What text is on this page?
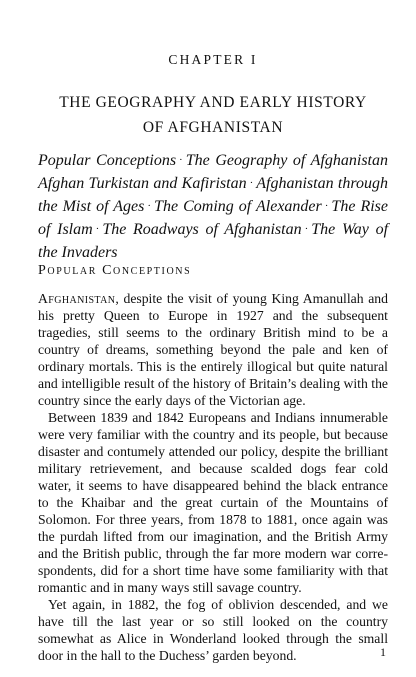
CHAPTER I
THE GEOGRAPHY AND EARLY HISTORY
OF AFGHANISTAN
Popular Conceptions · The Geography of Afghanistan Afghan Turkistan and Kafiristan · Afghanistan through the Mist of Ages · The Coming of Alexander · The Rise of Islam · The Roadways of Afghanistan · The Way of the Invaders
Popular Conceptions

Afghanistan, despite the visit of young King Amanullah and his pretty Queen to Europe in 1927 and the subsequent tragedies, still seems to the ordinary British mind to be a country of dreams, something beyond the pale and ken of ordinary mortals. This is the entirely illogical but quite natural and intelligible result of the history of Britain’s dealing with the country since the early days of the Victorian age.

Between 1839 and 1842 Europeans and Indians innumerable were very familiar with the country and its people, but because disaster and contumely attended our policy, despite the brilliant military retrievement, and because scalded dogs fear cold water, it seems to have disappeared behind the black entrance to the Khaibar and the great curtain of the Mountains of Solomon. For three years, from 1878 to 1881, once again was the purdah lifted from our imagination, and the British Army and the British public, through the far more modern war correspondents, did for a short time have some familiarity with that romantic and in many ways still savage country.

Yet again, in 1882, the fog of oblivion descended, and we have till the last year or so still looked on the country somewhat as Alice in Wonderland looked through the small door in the hall to the Duchess’ garden beyond.	1
